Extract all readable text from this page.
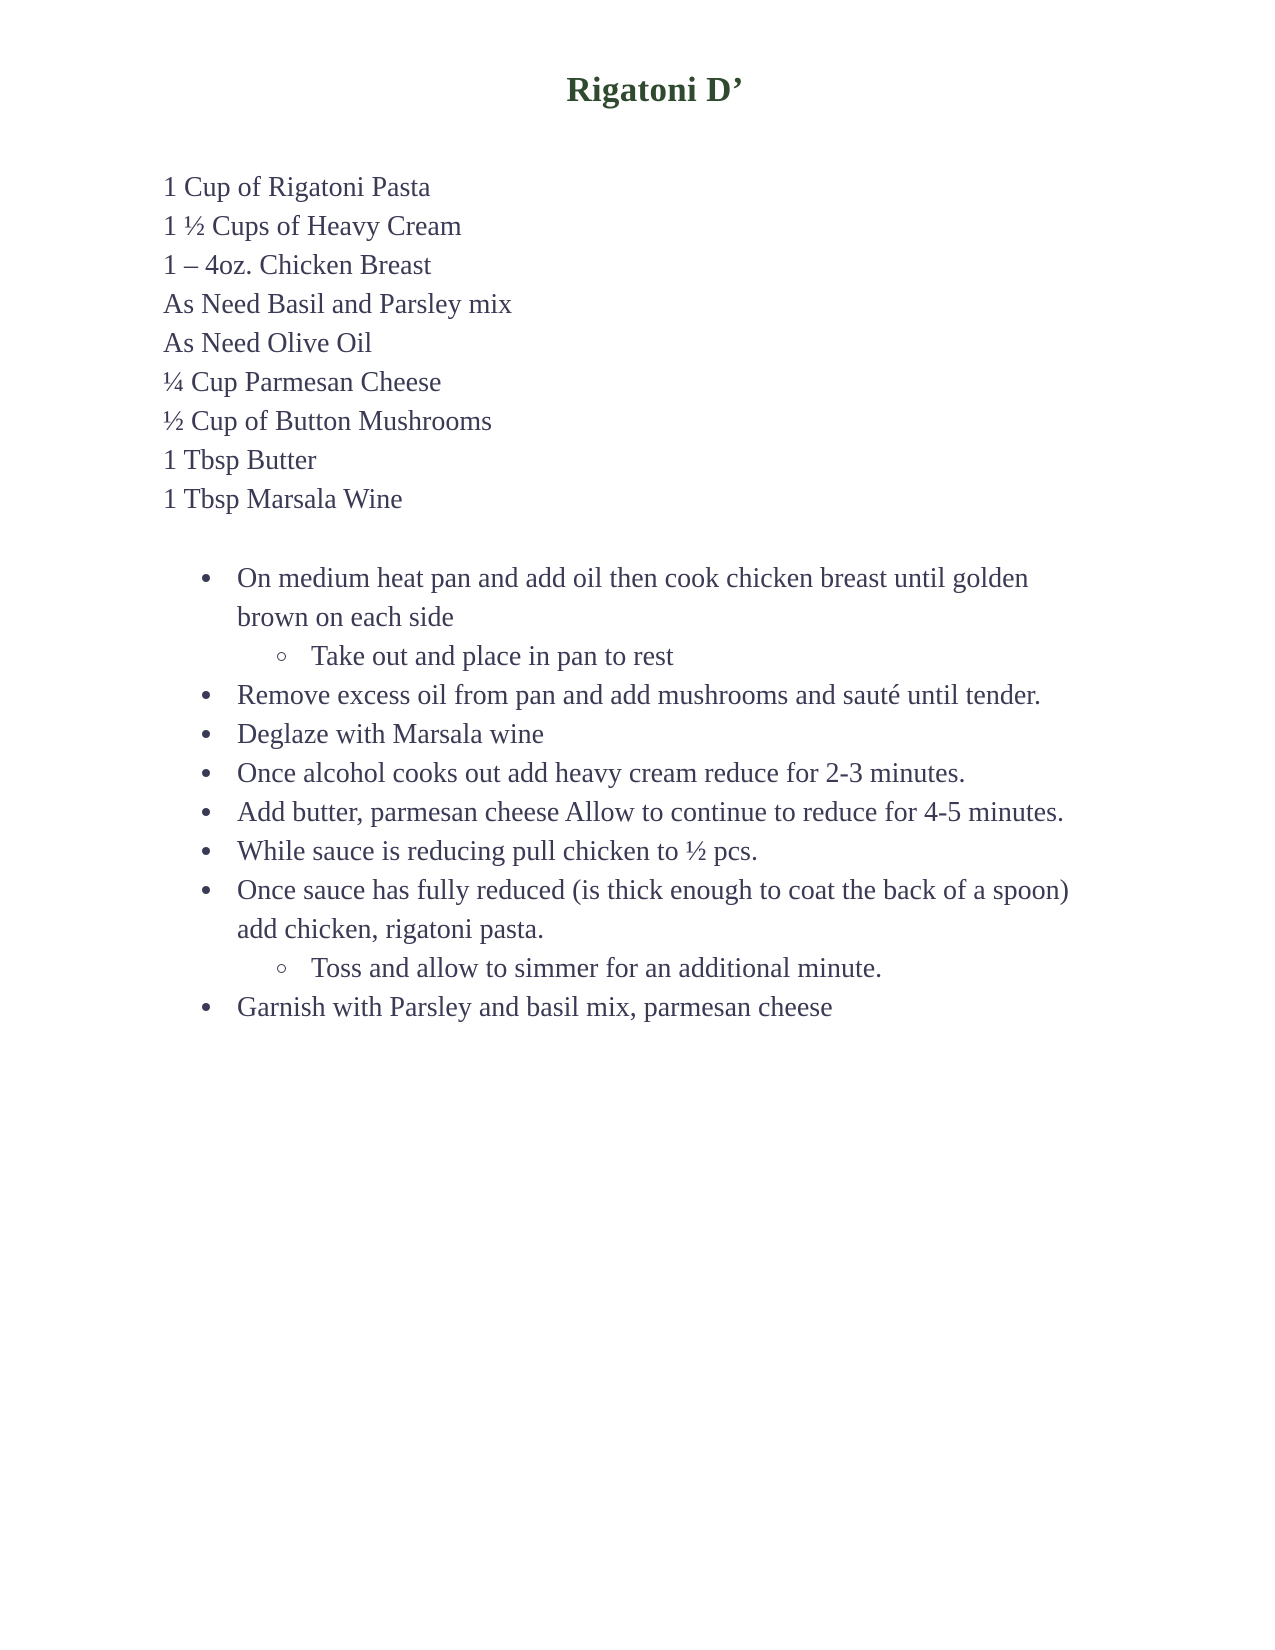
Rigatoni D’
1 Cup of Rigatoni Pasta
1 ½ Cups of Heavy Cream
1 – 4oz. Chicken Breast
As Need Basil and Parsley mix
As Need Olive Oil
¼ Cup Parmesan Cheese
½ Cup of Button Mushrooms
1 Tbsp Butter
1 Tbsp Marsala Wine
On medium heat pan and add oil then cook chicken breast until golden brown on each side
Take out and place in pan to rest
Remove excess oil from pan and add mushrooms and sauté until tender.
Deglaze with Marsala wine
Once alcohol cooks out add heavy cream reduce for 2-3 minutes.
Add butter, parmesan cheese Allow to continue to reduce for 4-5 minutes.
While sauce is reducing pull chicken to ½ pcs.
Once sauce has fully reduced (is thick enough to coat the back of a spoon) add chicken, rigatoni pasta.
Toss and allow to simmer for an additional minute.
Garnish with Parsley and basil mix, parmesan cheese
